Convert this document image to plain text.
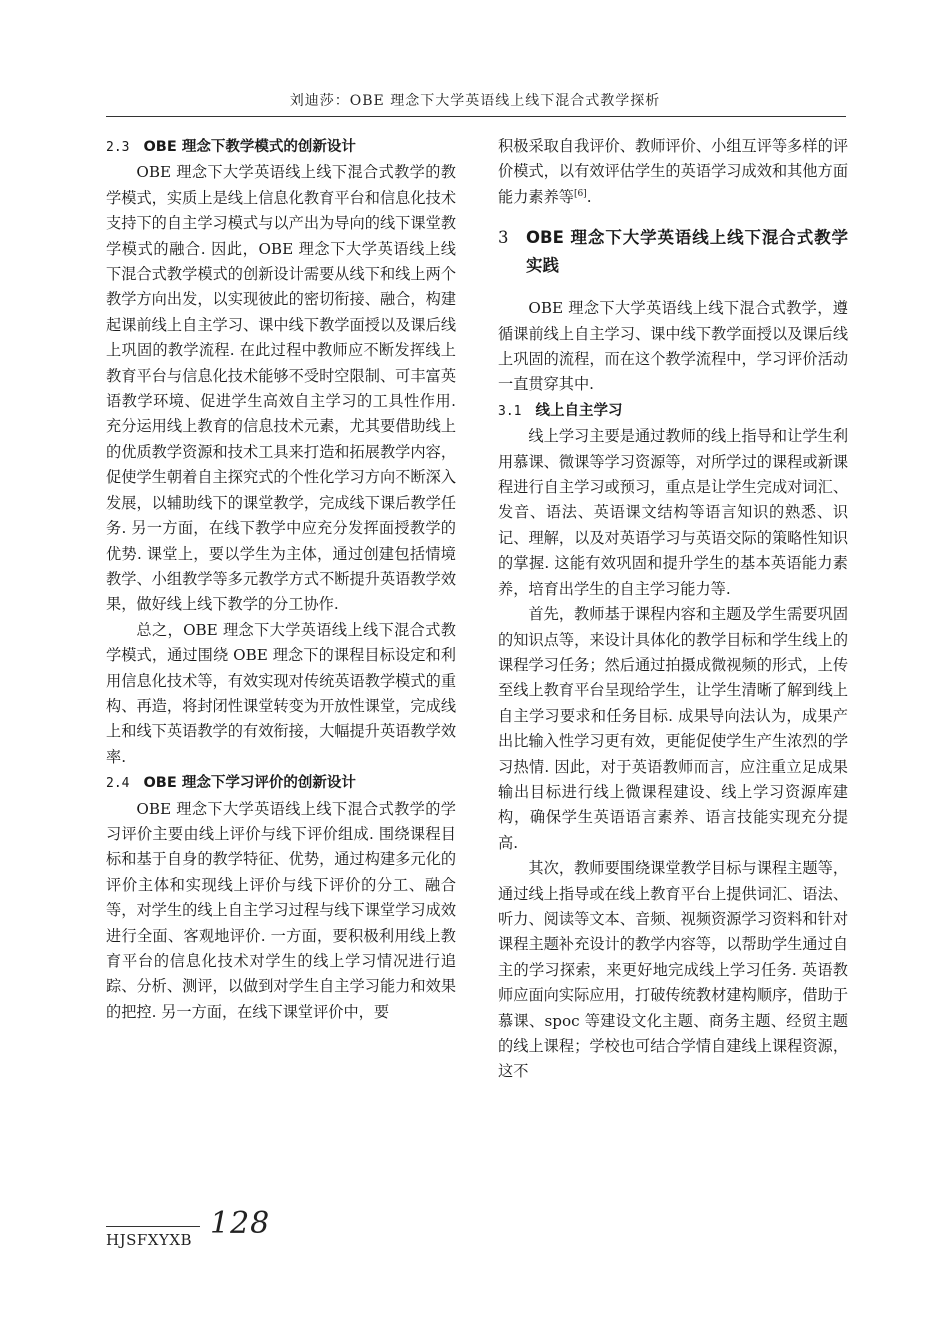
刘迪莎：OBE 理念下大学英语线上线下混合式教学探析
2.3 OBE 理念下教学模式的创新设计

OBE 理念下大学英语线上线下混合式教学的教学模式，实质上是线上信息化教育平台和信息化技术支持下的自主学习模式与以产出为导向的线下课堂教学模式的融合. 因此，OBE 理念下大学英语线上线下混合式教学模式的创新设计需要从线下和线上两个教学方向出发，以实现彼此的密切衔接、融合，构建起课前线上自主学习、课中线下教学面授以及课后线上巩固的教学流程. 在此过程中教师应不断发挥线上教育平台与信息化技术能够不受时空限制、可丰富英语教学环境、促进学生高效自主学习的工具性作用. 充分运用线上教育的信息技术元素，尤其要借助线上的优质教学资源和技术工具来打造和拓展教学内容，促使学生朝着自主探究式的个性化学习方向不断深入发展，以辅助线下的课堂教学，完成线下课后教学任务. 另一方面，在线下教学中应充分发挥面授教学的优势. 课堂上，要以学生为主体，通过创建包括情境教学、小组教学等多元教学方式不断提升英语教学效果，做好线上线下教学的分工协作.

总之，OBE 理念下大学英语线上线下混合式教学模式，通过围绕 OBE 理念下的课程目标设定和利用信息化技术等，有效实现对传统英语教学模式的重构、再造，将封闭性课堂转变为开放性课堂，完成线上和线下英语教学的有效衔接，大幅提升英语教学效率.

2.4 OBE 理念下学习评价的创新设计

OBE 理念下大学英语线上线下混合式教学的学习评价主要由线上评价与线下评价组成. 围绕课程目标和基于自身的教学特征、优势，通过构建多元化的评价主体和实现线上评价与线下评价的分工、融合等，对学生的线上自主学习过程与线下课堂学习成效进行全面、客观地评价. 一方面，要积极利用线上教育平台的信息化技术对学生的线上学习情况进行追踪、分析、测评，以做到对学生自主学习能力和效果的把控. 另一方面，在线下课堂评价中，要

积极采取自我评价、教师评价、小组互评等多样的评价模式，以有效评估学生的英语学习成效和其他方面能力素养等[6].

3	OBE 理念下大学英语线上线下混合式教学实践

OBE 理念下大学英语线上线下混合式教学，遵循课前线上自主学习、课中线下教学面授以及课后线上巩固的流程，而在这个教学流程中，学习评价活动一直贯穿其中.

3.1 线上自主学习

线上学习主要是通过教师的线上指导和让学生利用慕课、微课等学习资源等，对所学过的课程或新课程进行自主学习或预习，重点是让学生完成对词汇、发音、语法、英语课文结构等语言知识的熟悉、识记、理解，以及对英语学习与英语交际的策略性知识的掌握. 这能有效巩固和提升学生的基本英语能力素养，培育出学生的自主学习能力等.

首先，教师基于课程内容和主题及学生需要巩固的知识点等，来设计具体化的教学目标和学生线上的课程学习任务；然后通过拍摄成微视频的形式，上传至线上教育平台呈现给学生，让学生清晰了解到线上自主学习要求和任务目标. 成果导向法认为，成果产出比输入性学习更有效，更能促使学生产生浓烈的学习热情. 因此，对于英语教师而言，应注重立足成果输出目标进行线上微课程建设、线上学习资源库建构，确保学生英语语言素养、语言技能实现充分提高.

其次，教师要围绕课堂教学目标与课程主题等，通过线上指导或在线上教育平台上提供词汇、语法、听力、阅读等文本、音频、视频资源学习资料和针对课程主题补充设计的教学内容等，以帮助学生通过自主的学习探索，来更好地完成线上学习任务. 英语教师应面向实际应用，打破传统教材建构顺序，借助于慕课、spoc 等建设文化主题、商务主题、经贸主题的线上课程；学校也可结合学情自建线上课程资源，这不

HJSFXYXB 128
